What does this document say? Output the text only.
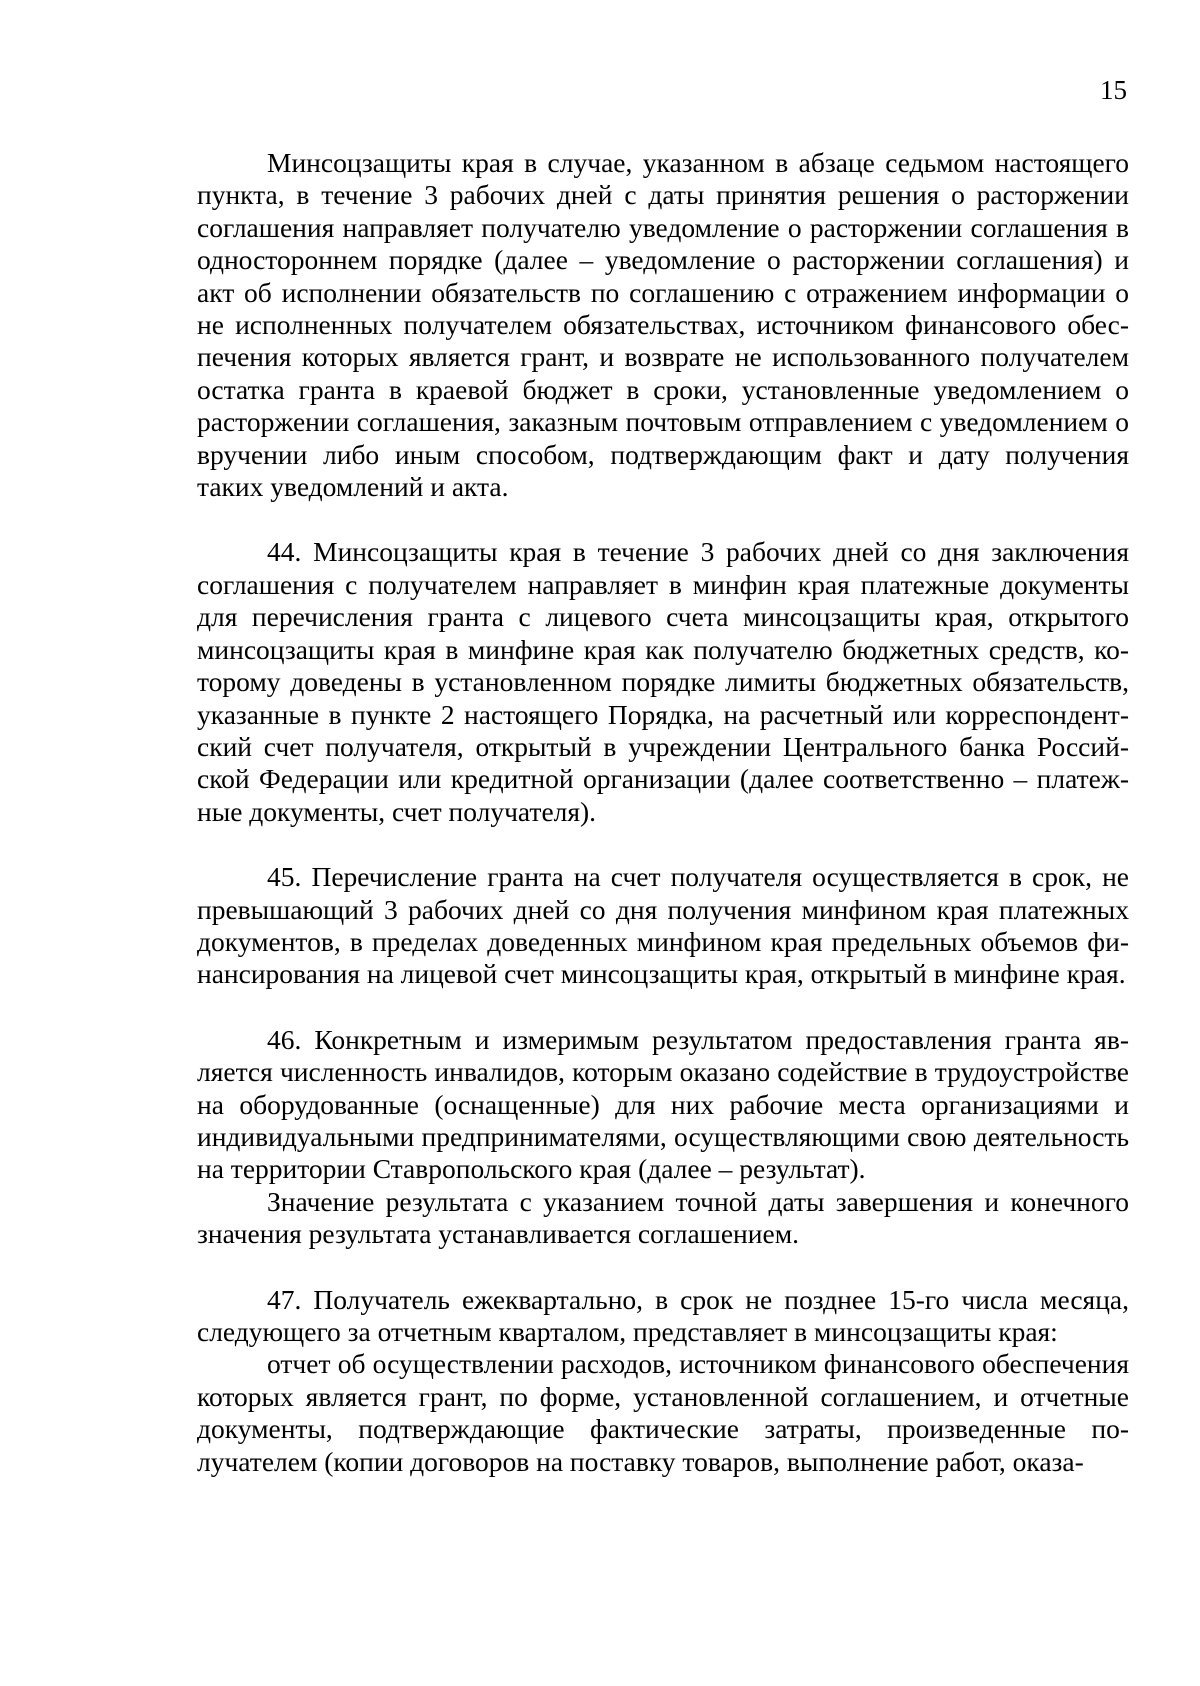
15

Минсоцзащиты края в случае, указанном в абзаце седьмом настоящего пункта, в течение 3 рабочих дней с даты принятия решения о расторжении соглашения направляет получателю уведомление о расторжении соглашения в одностороннем порядке (далее – уведомление о расторжении соглашения) и акт об исполнении обязательств по соглашению с отражением информации о не исполненных получателем обязательствах, источником финансового обеспечения которых является грант, и возврате не использованного получателем остатка гранта в краевой бюджет в сроки, установленные уведомлением о расторжении соглашения, заказным почтовым отправлением с уведомлением о вручении либо иным способом, подтверждающим факт и дату получения таких уведомлений и акта.

44. Минсоцзащиты края в течение 3 рабочих дней со дня заключения соглашения с получателем направляет в минфин края платежные документы для перечисления гранта с лицевого счета минсоцзащиты края, открытого минсоцзащиты края в минфине края как получателю бюджетных средств, которому доведены в установленном порядке лимиты бюджетных обязательств, указанные в пункте 2 настоящего Порядка, на расчетный или корреспондентский счет получателя, открытый в учреждении Центрального банка Российской Федерации или кредитной организации (далее соответственно – платежные документы, счет получателя).

45. Перечисление гранта на счет получателя осуществляется в срок, не превышающий 3 рабочих дней со дня получения минфином края платежных документов, в пределах доведенных минфином края предельных объемов финансирования на лицевой счет минсоцзащиты края, открытый в минфине края.

46. Конкретным и измеримым результатом предоставления гранта является численность инвалидов, которым оказано содействие в трудоустройстве на оборудованные (оснащенные) для них рабочие места организациями и индивидуальными предпринимателями, осуществляющими свою деятельность на территории Ставропольского края (далее – результат).

Значение результата с указанием точной даты завершения и конечного значения результата устанавливается соглашением.

47. Получатель ежеквартально, в срок не позднее 15-го числа месяца, следующего за отчетным кварталом, представляет в минсоцзащиты края:

отчет об осуществлении расходов, источником финансового обеспечения которых является грант, по форме, установленной соглашением, и отчетные документы, подтверждающие фактические затраты, произведенные получателем (копии договоров на поставку товаров, выполнение работ, оказа-
